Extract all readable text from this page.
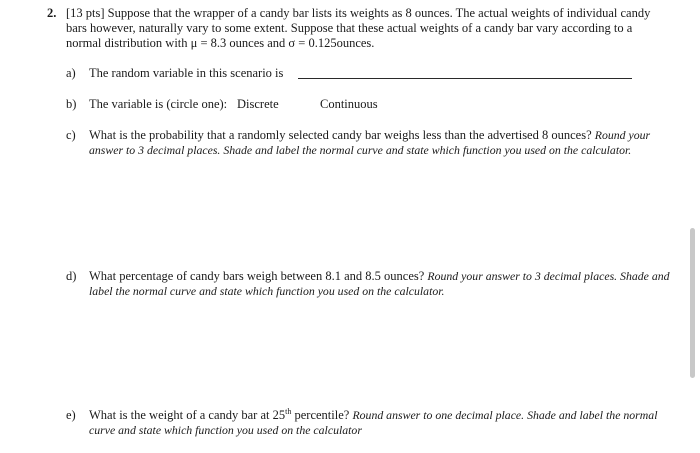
2. [13 pts] Suppose that the wrapper of a candy bar lists its weights as 8 ounces. The actual weights of individual candy
bars however, naturally vary to some extent. Suppose that these actual weights of a candy bar vary according to a
normal distribution with μ = 8.3 ounces and σ = 0.125ounces.
a) The random variable in this scenario is
b) The variable is (circle one): Discrete	Continuous
c) What is the probability that a randomly selected candy bar weighs less than the advertised 8 ounces? Round your
answer to 3 decimal places. Shade and label the normal curve and state which function you used on the calculator.
d) What percentage of candy bars weigh between 8.1 and 8.5 ounces? Round your answer to 3 decimal places. Shade and
label the normal curve and state which function you used on the calculator.
e) What is the weight of a candy bar at 25th percentile? Round answer to one decimal place. Shade and label the normal
curve and state which function you used on the calculator
